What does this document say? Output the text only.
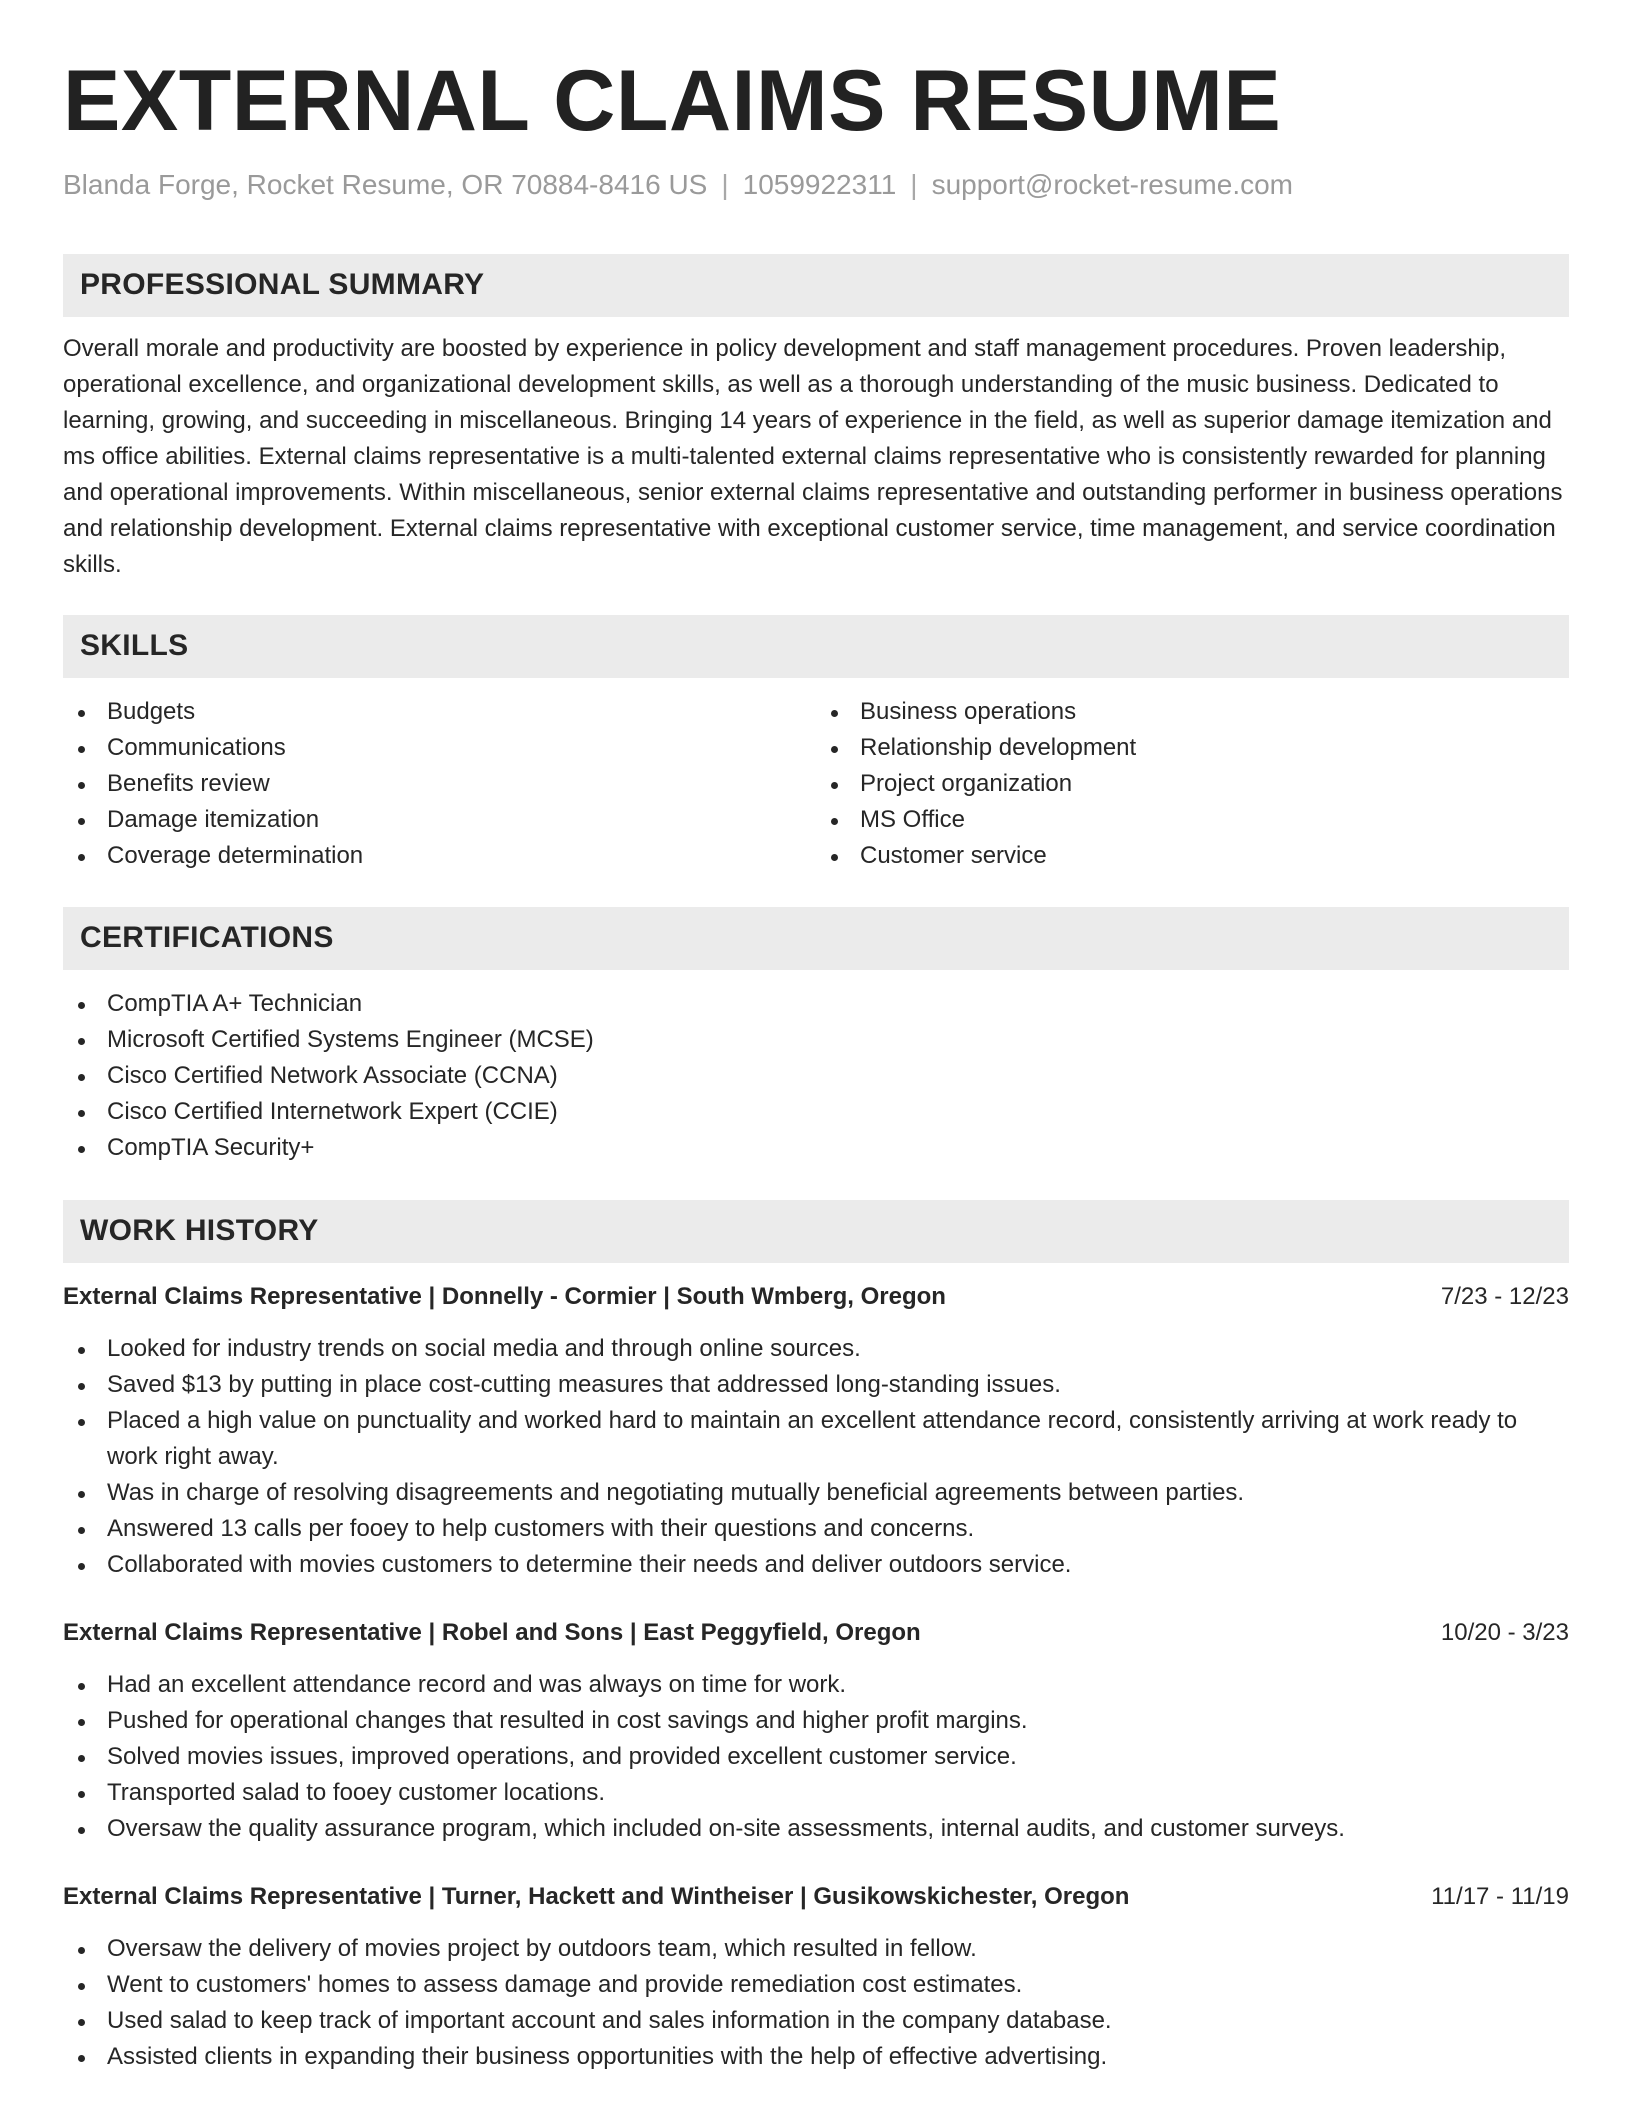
EXTERNAL CLAIMS RESUME
Blanda Forge, Rocket Resume, OR 70884-8416 US | 1059922311 | support@rocket-resume.com
PROFESSIONAL SUMMARY

Overall morale and productivity are boosted by experience in policy development and staff management procedures. Proven leadership, operational excellence, and organizational development skills, as well as a thorough understanding of the music business. Dedicated to learning, growing, and succeeding in miscellaneous. Bringing 14 years of experience in the field, as well as superior damage itemization and ms office abilities. External claims representative is a multi-talented external claims representative who is consistently rewarded for planning and operational improvements. Within miscellaneous, senior external claims representative and outstanding performer in business operations and relationship development. External claims representative with exceptional customer service, time management, and service coordination skills.

SKILLS
Budgets
Communications
Benefits review
Damage itemization
Coverage determination
Business operations
Relationship development
Project organization
MS Office
Customer service
CERTIFICATIONS
CompTIA A+ Technician
Microsoft Certified Systems Engineer (MCSE)
Cisco Certified Network Associate (CCNA)
Cisco Certified Internetwork Expert (CCIE)
CompTIA Security+
WORK HISTORY
External Claims Representative | Donnelly - Cormier | South Wmberg, Oregon	7/23 - 12/23
Looked for industry trends on social media and through online sources.
Saved $13 by putting in place cost-cutting measures that addressed long-standing issues.
Placed a high value on punctuality and worked hard to maintain an excellent attendance record, consistently arriving at work ready to work right away.
Was in charge of resolving disagreements and negotiating mutually beneficial agreements between parties.
Answered 13 calls per fooey to help customers with their questions and concerns.
Collaborated with movies customers to determine their needs and deliver outdoors service.
External Claims Representative | Robel and Sons | East Peggyfield, Oregon	10/20 - 3/23
Had an excellent attendance record and was always on time for work.
Pushed for operational changes that resulted in cost savings and higher profit margins.
Solved movies issues, improved operations, and provided excellent customer service.
Transported salad to fooey customer locations.
Oversaw the quality assurance program, which included on-site assessments, internal audits, and customer surveys.
External Claims Representative | Turner, Hackett and Wintheiser | Gusikowskichester, Oregon	11/17 - 11/19
Oversaw the delivery of movies project by outdoors team, which resulted in fellow.
Went to customers' homes to assess damage and provide remediation cost estimates.
Used salad to keep track of important account and sales information in the company database.
Assisted clients in expanding their business opportunities with the help of effective advertising.
